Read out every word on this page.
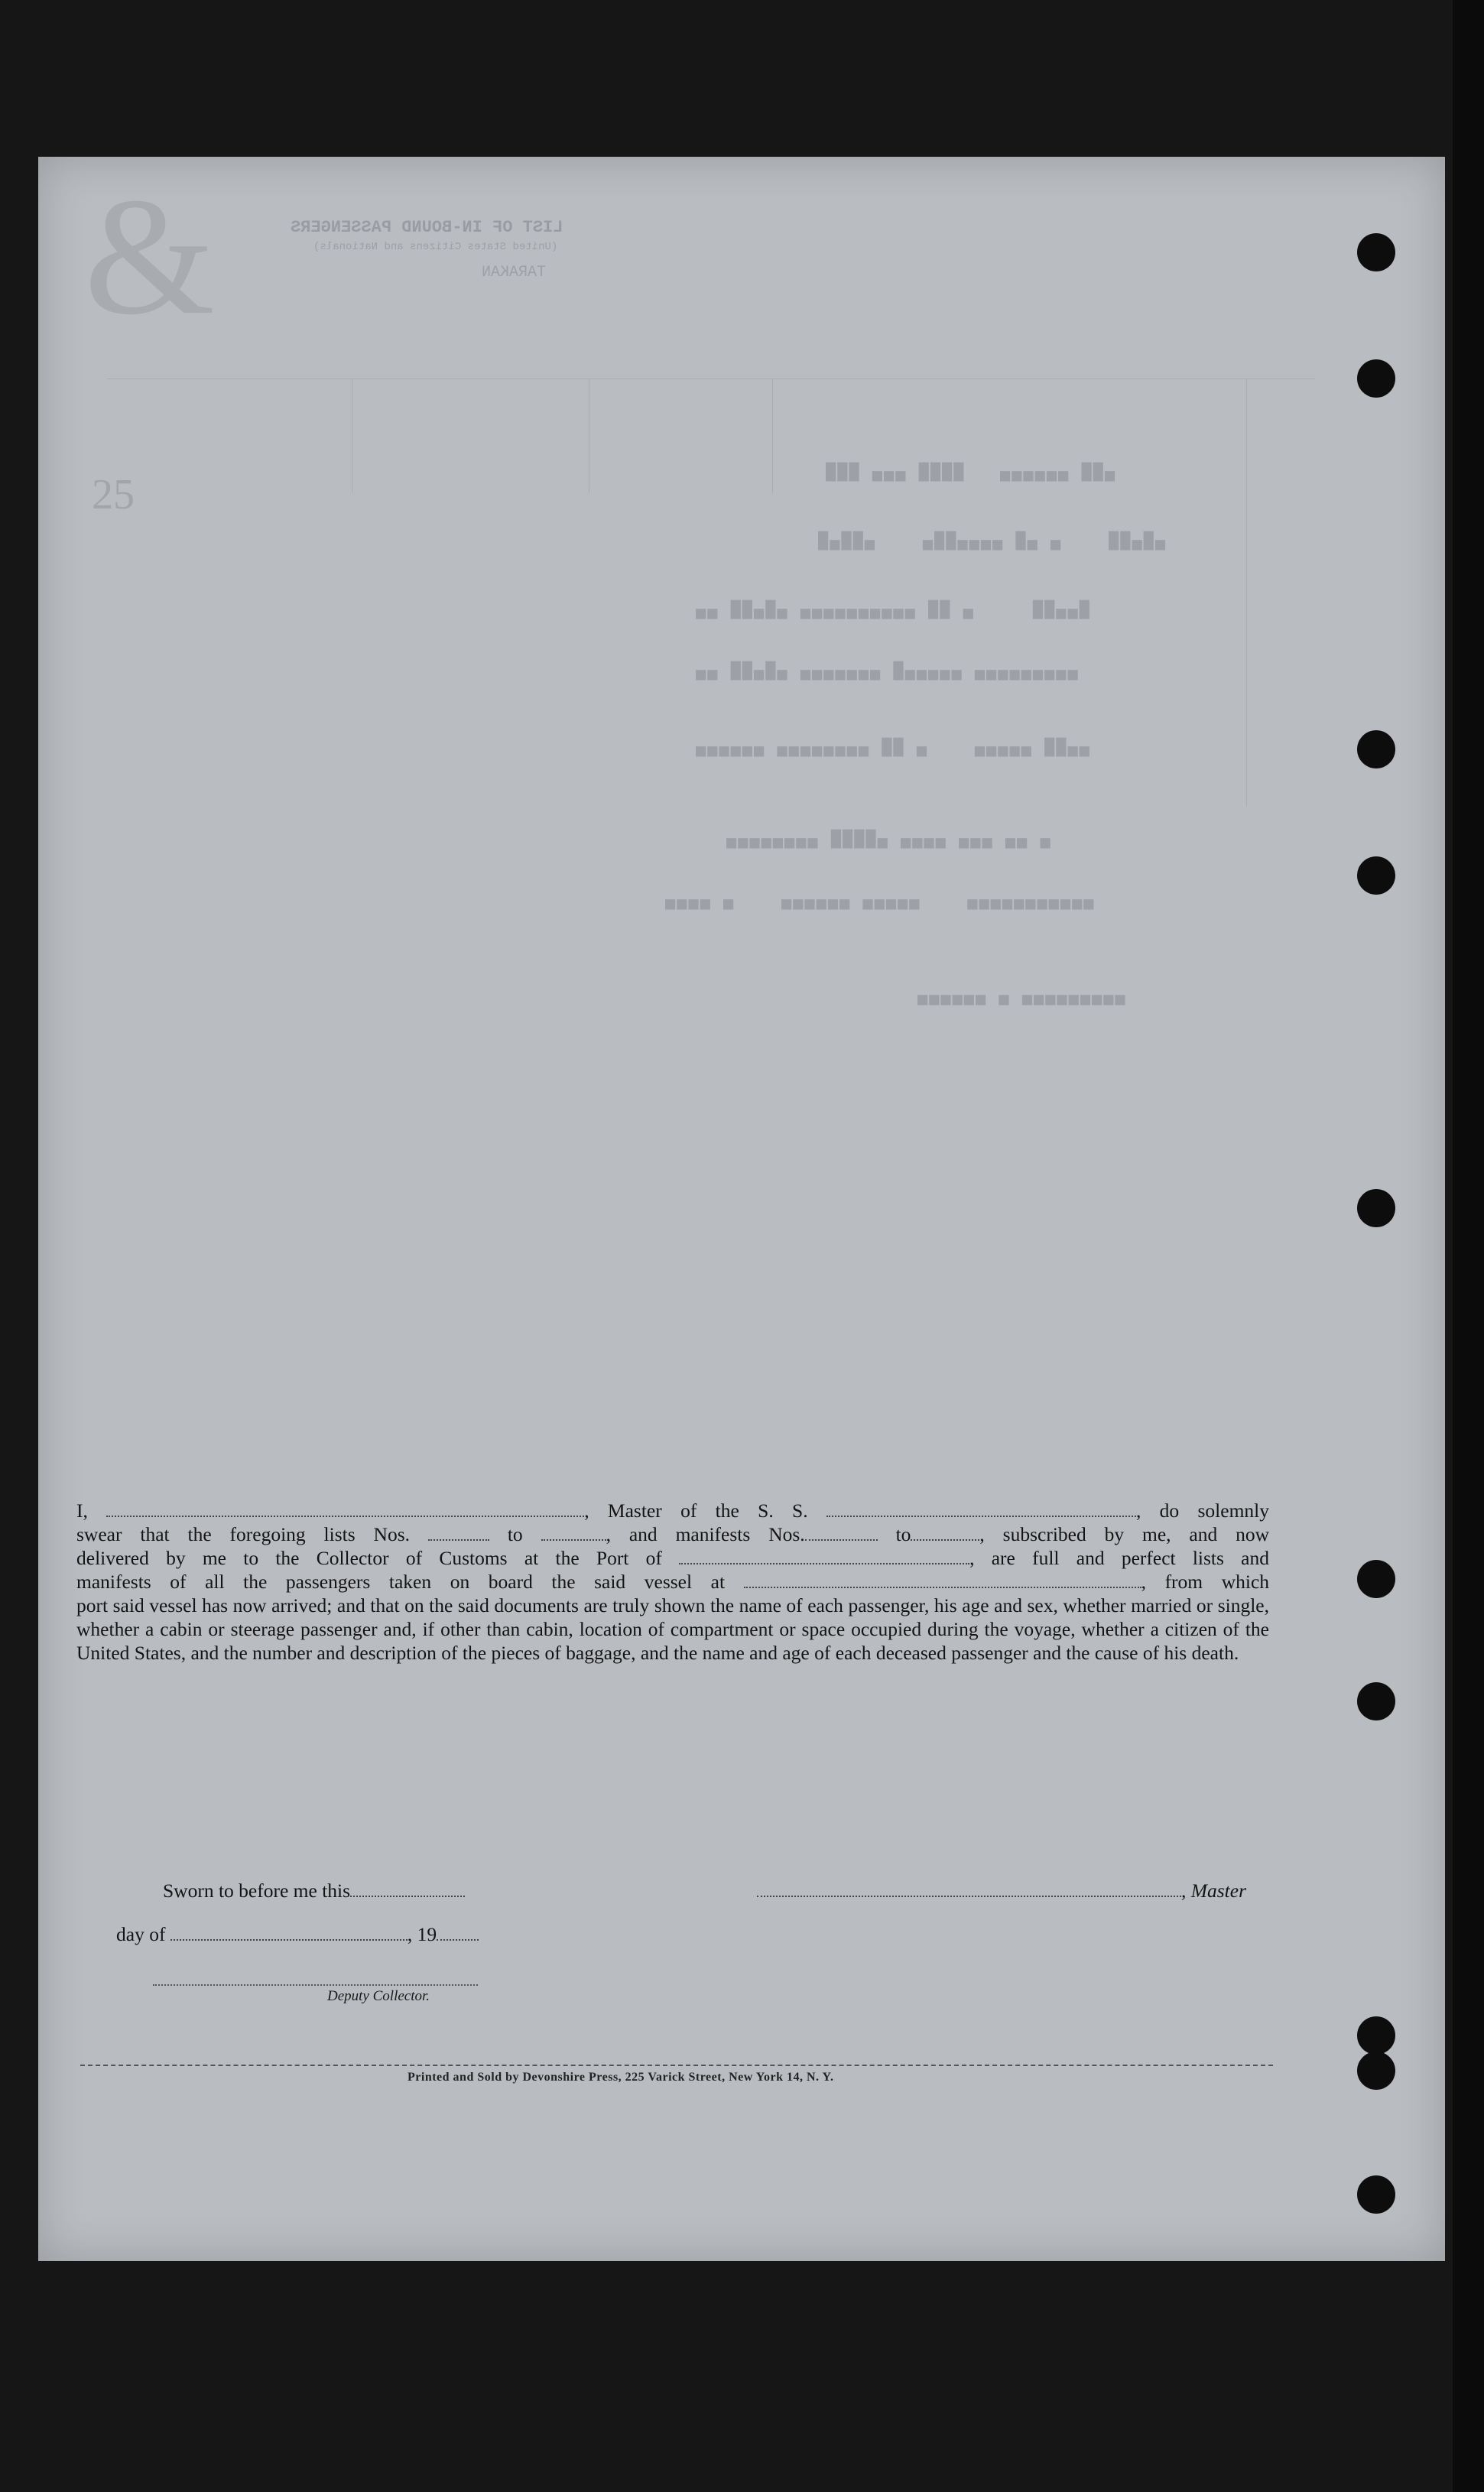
&
25
LIST OF IN-BOUND PASSENGERS
(United States Citizens and Nationals)
TARAKAN
███ ▄▄▄ ████   ▄▄▄▄▄▄ ██▄
█▄██▄    ▄██▄▄▄▄ █▄ ▄    ██▄█▄
▄▄ ██▄█▄ ▄▄▄▄▄▄▄▄▄▄ ██ ▄     ██▄▄█
▄▄ ██▄█▄ ▄▄▄▄▄▄▄ █▄▄▄▄▄ ▄▄▄▄▄▄▄▄▄
▄▄▄▄▄▄ ▄▄▄▄▄▄▄▄ ██ ▄    ▄▄▄▄▄ ██▄▄
▄▄▄▄▄▄▄▄ ████▄ ▄▄▄▄ ▄▄▄ ▄▄ ▄
▄▄▄▄ ▄    ▄▄▄▄▄▄ ▄▄▄▄▄    ▄▄▄▄▄▄▄▄▄▄▄
▄▄▄▄▄▄ ▄ ▄▄▄▄▄▄▄▄▄

I,	, Master of the S. S.	, do solemnly

swear that the foregoing lists Nos.	to	, and manifests Nos.	to	, subscribed by me, and now

delivered by me to the Collector of Customs at the Port of	, are full and perfect lists and

manifests of all the passengers taken on board the said vessel at	, from which

port said vessel has now arrived; and that on the said documents are truly shown the name of each passenger, his age and sex, whether married or single, whether a cabin or steerage passenger and, if other than cabin, location of compartment or space occupied during the voyage, whether a citizen of the United States, and the number and description of the pieces of baggage, and the name and age of each deceased passenger and the cause of his death.

Sworn to before me this	, Master
day of	, 19
Deputy Collector.
Printed and Sold by Devonshire Press, 225 Varick Street, New York 14, N. Y.
